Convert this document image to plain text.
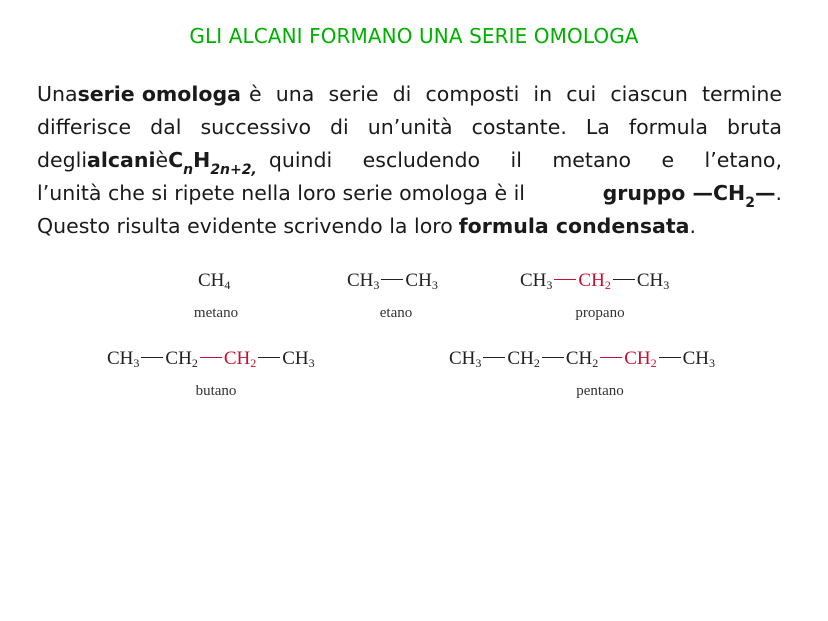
GLI ALCANI FORMANO UNA SERIE OMOLOGA
Una serie omologa è una serie di composti in cui ciascun termine
differisce dal successivo di un’unità costante. La formula bruta
degli alcani è $C_nH_{2n+2,}$ quindi escludendo il metano e l’etano,
l’unità che si ripete nella loro serie omologa è il	gruppo $—CH_2—$.
Questo risulta evidente scrivendo la loro formula condensata.
$CH_4$
metano
$CH_3$ $CH_3$
etano
$CH_3$ $CH_2$ $CH_3$
propano
$CH_3$ $CH_2$ $CH_2$ $CH_3$
butano
$CH_3$ $CH_2$ $CH_2$ $CH_2$ $CH_3$
pentano
